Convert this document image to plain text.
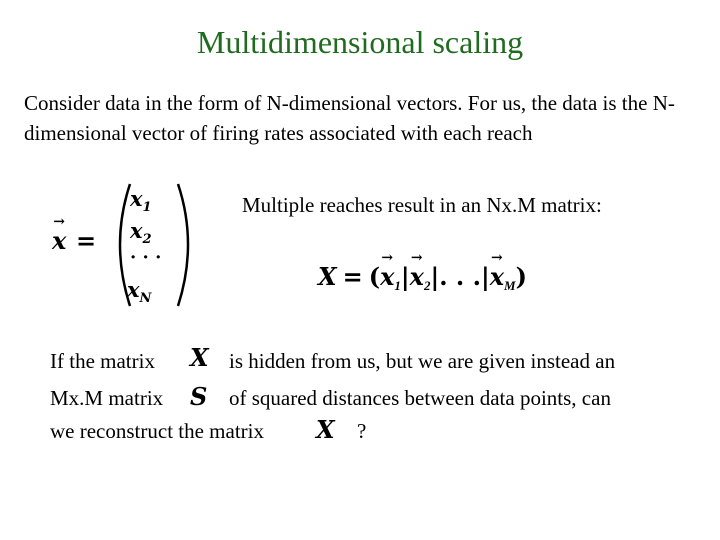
Multidimensional scaling
Consider data in the form of N-dimensional vectors. For us, the data is the N-dimensional vector of firing rates associated with each reach
→ x =
$x_1$
$x_2$
· · ·
$x_N$
Multiple reaches result in an Nx.M matrix:
X = (→ $x_1|\to x_2|$. . .|→ $x_M$)
If the matrix X is hidden from us, but we are given instead an
Mx.M matrix S of squared distances between data points, can
we reconstruct the matrix X ?
